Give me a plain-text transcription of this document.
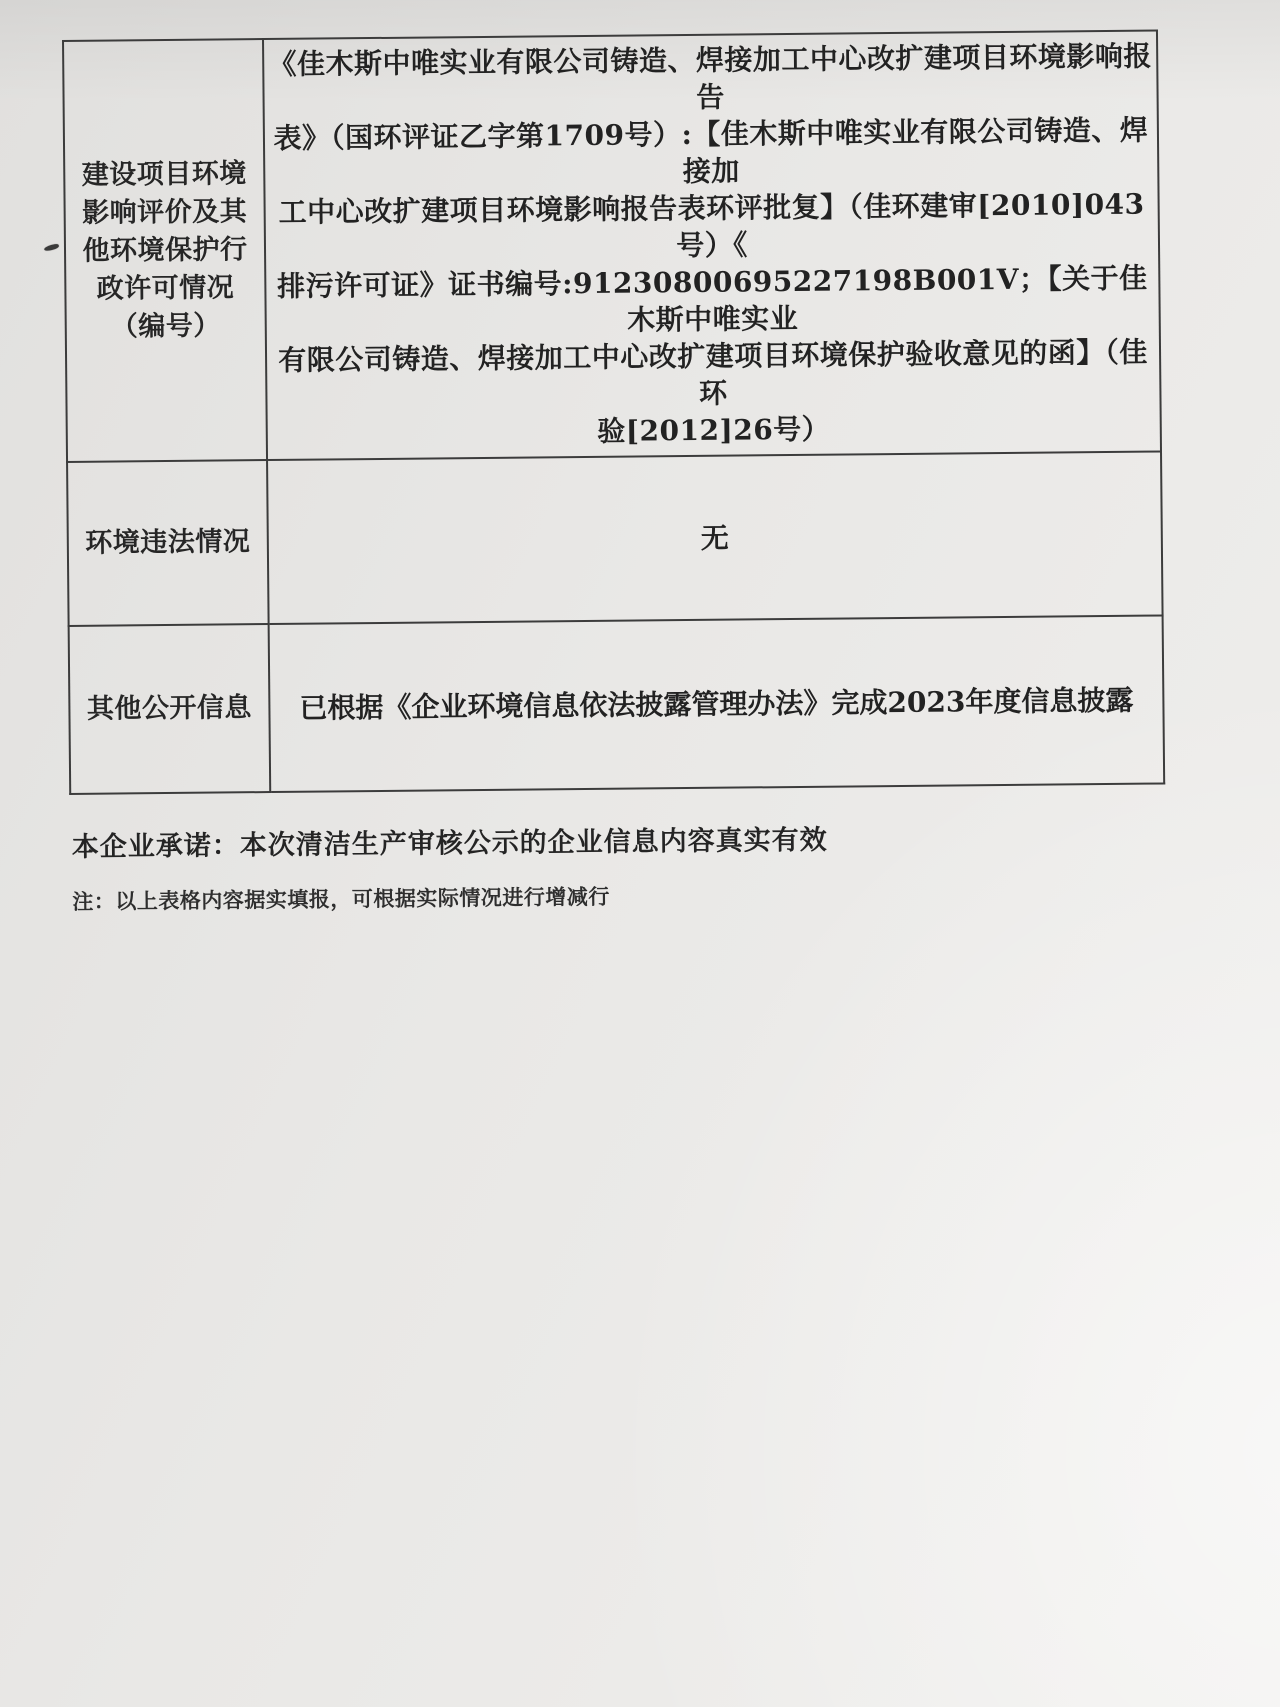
建设项目环境
影响评价及其
他环境保护行
政许可情况
（编号）

《佳木斯中唯实业有限公司铸造、焊接加工中心改扩建项目环境影响报告
表》（国环评证乙字第1709号）:【佳木斯中唯实业有限公司铸造、焊接加
工中心改扩建项目环境影响报告表环评批复】（佳环建审[2010]043号）《
排污许可证》证书编号:91230800695227198B001V；【关于佳木斯中唯实业
有限公司铸造、焊接加工中心改扩建项目环境保护验收意见的函】（佳环
验[2012]26号）

环境违法情况	无

其他公开信息	已根据《企业环境信息依法披露管理办法》完成2023年度信息披露
本企业承诺：本次清洁生产审核公示的企业信息内容真实有效
注：以上表格内容据实填报，可根据实际情况进行增减行
